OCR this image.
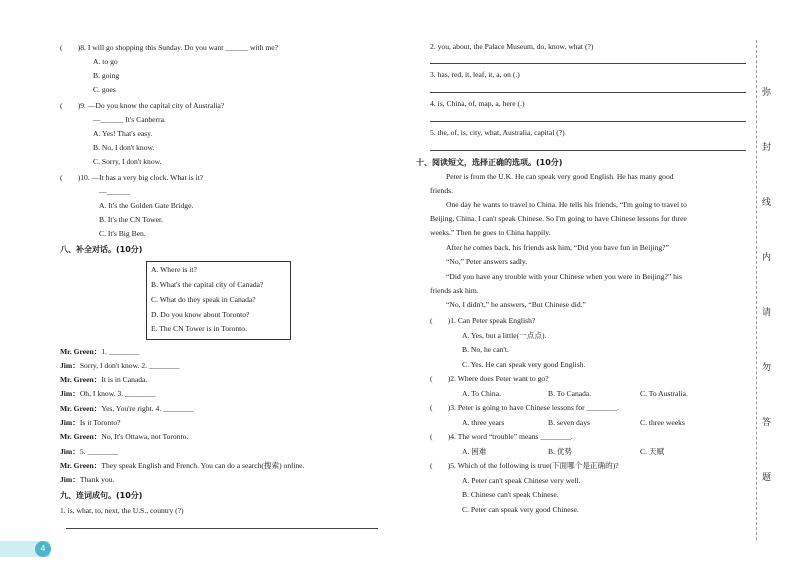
(　　)8. I will go shopping this Sunday. Do you want ______ with me?
A. to go
B. going
C. goes
(　　)9. —Do you know the capital city of Australia?
—______ It's Canberra.
A. Yes! That's easy.
B. No, I don't know.
C. Sorry, I don't know.
(　　)10. —It has a very big clock. What is it?
—______
A. It's the Golden Gate Bridge.
B. It's the CN Tower.
C. It's Big Ben.
八、补全对话。(10分)
A. Where is it?
B. What's the capital city of Canada?
C. What do they speak in Canada?
D. Do you know about Toronto?
E. The CN Tower is in Toronto.
Mr. Green：1. ________
Jim：Sorry, I don't know. 2. ________
Mr. Green：It is in Canada.
Jim：Oh, I know. 3. ________
Mr. Green：Yes, You're right. 4. ________
Jim：Is it Toronto?
Mr. Green：No, It's Ottawa, not Toronto.
Jim：5. ________
Mr. Green：They speak English and French. You can do a search(搜索) online.
Jim：Thank you.
九、连词成句。(10分)
1. is, what, to, next, the U.S., country (?)
4
2. you, about, the Palace Museum, do, know, what (?)
3. has, red, it, leaf, it, a, on (.)
4. is, China, of, map, a, here (.)
5. the, of, is, city, what, Australia, capital (?)
十、阅读短文，选择正确的选项。(10分)
Peter is from the U.K. He can speak very good English. He has many good
friends.
One day he wants to travel to China. He tells his friends, “I'm going to travel to
Beijing, China. I can't speak Chinese. So I'm going to have Chinese lessons for three
weeks.” Then he goes to China happily.
After he comes back, his friends ask him, “Did you have fun in Beijing?”
“No,” Peter answers sadly.
“Did you have any trouble with your Chinese when you were in Beijing?” his
friends ask him.
“No, I didn't,” he answers, “But Chinese did.”
(　　)1. Can Peter speak English?
A. Yes, but a little(一点点).
B. No, he can't.
C. Yes. He can speak very good English.
(　　)2. Where does Peter want to go?
A. To China.	B. To Canada.	C. To Australia.
(　　)3. Peter is going to have Chinese lessons for ________.
A. three years	B. seven days	C. three weeks
(　　)4. The word “trouble” means ________.
A. 困难	B. 优势	C. 天赋
(　　)5. Which of the following is true(下面哪个是正确的)?
A. Peter can't speak Chinese very well.
B. Chinese can't speak Chinese.
C. Peter can speak very good Chinese.
弥
封
线
内
请
勿
答
题
